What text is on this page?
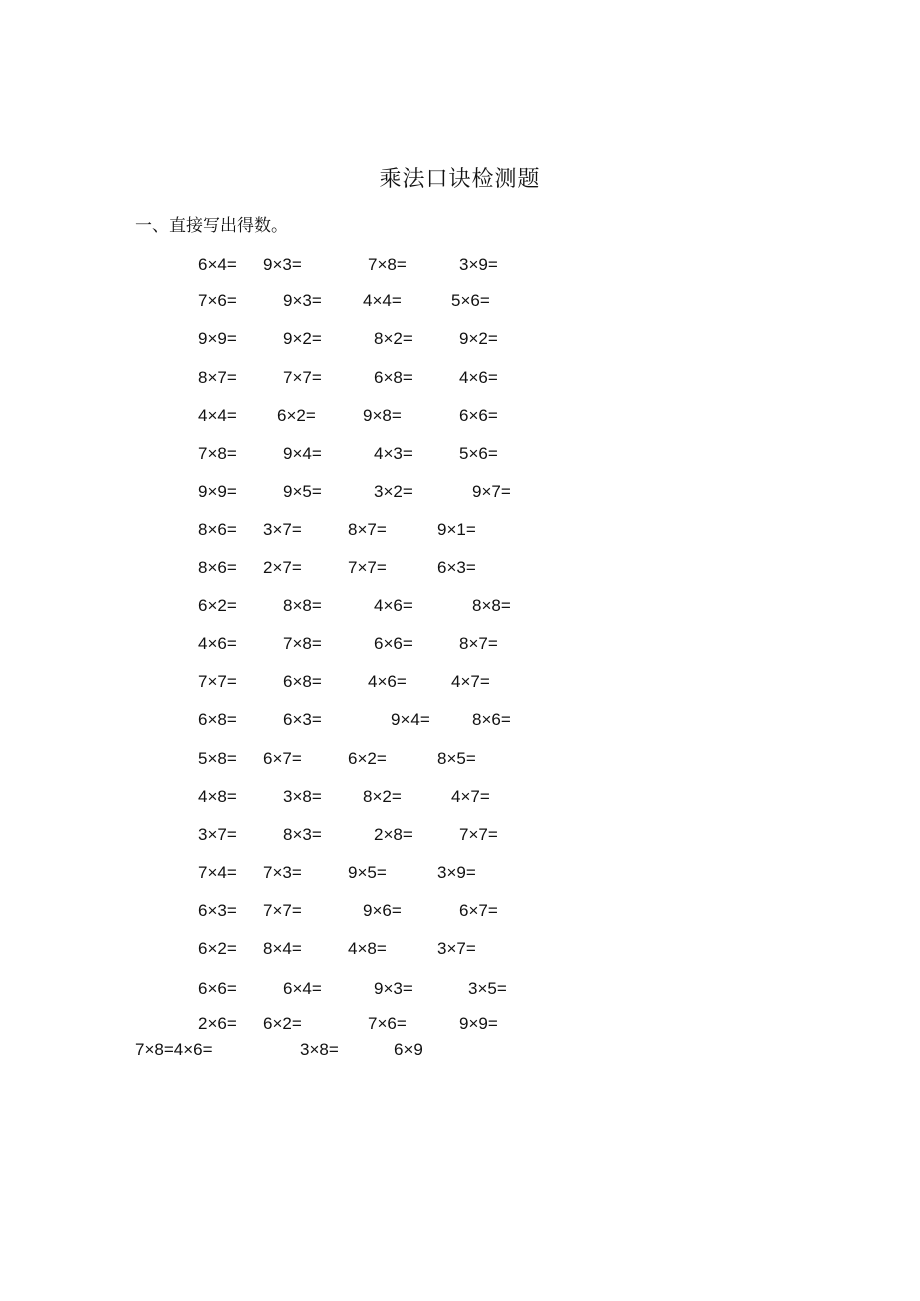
乘法口诀检测题
一、直接写出得数。
6×4= 9×3=	7×8=	3×9=
7×6=	9×3= 4×4=	5×6=
9×9=	9×2=	8×2=	9×2=
8×7=	7×7=	6×8=	4×6=
4×4= 6×2=	9×8=	6×6=
7×8=	9×4=	4×3=	5×6=
9×9=	9×5=	3×2=	9×7=
8×6= 3×7=	8×7=	9×1=
8×6= 2×7=	7×7=	6×3=
6×2=	8×8=	4×6=	8×8=
4×6=	7×8=	6×6=	8×7=
7×7=	6×8=	4×6=	4×7=
6×8=	6×3=	9×4= 8×6=
5×8= 6×7=	6×2=	8×5=
4×8=	3×8= 8×2=	4×7=
3×7=	8×3=	2×8=	7×7=
7×4= 7×3=	9×5=	3×9=
6×3= 7×7=	9×6=	6×7=
6×2= 8×4=	4×8=	3×7=
6×6=	6×4=	9×3=	3×5=
2×6= 6×2=	7×6=	9×9=
7×8=4×6=	3×8=	6×9
